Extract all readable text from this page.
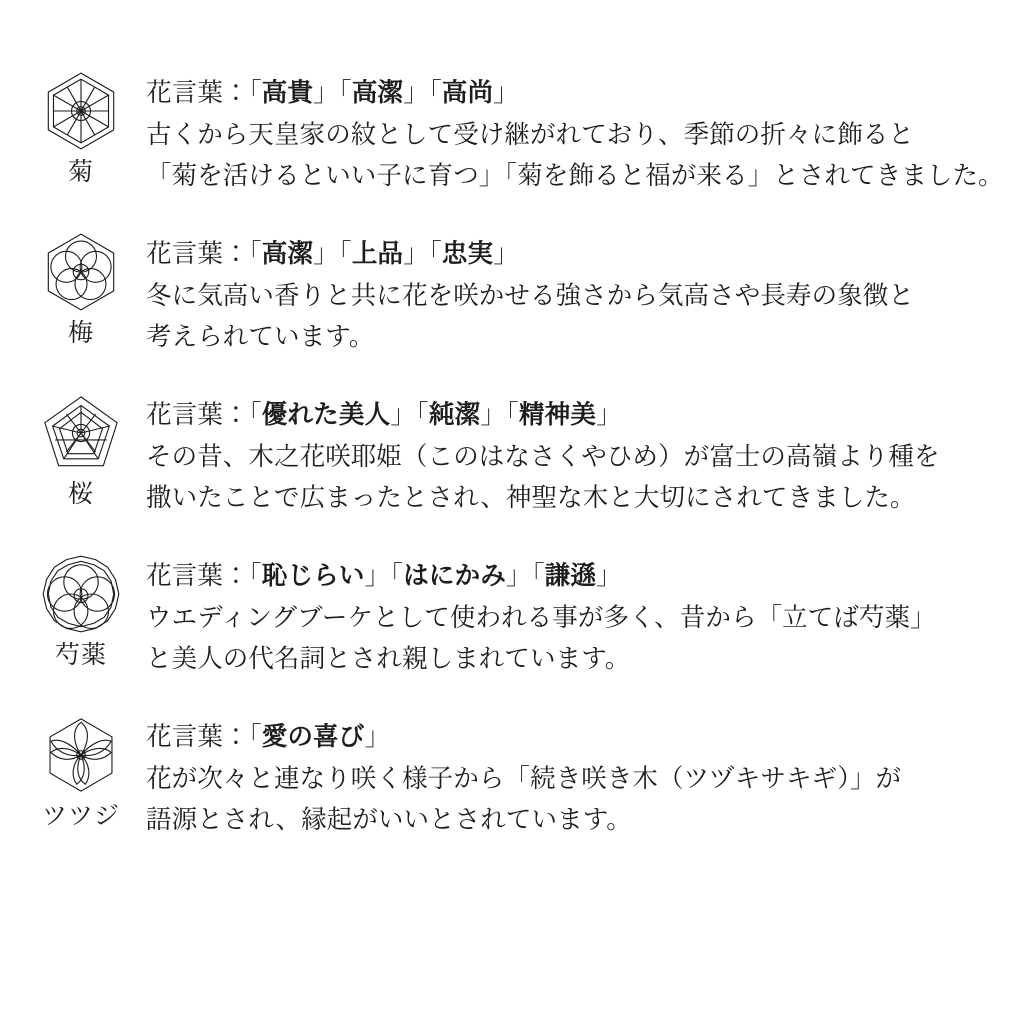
菊
花言葉：「高貴」「高潔」「高尚」
古くから天皇家の紋として受け継がれており、季節の折々に飾ると
「菊を活けるといい子に育つ」「菊を飾ると福が来る」とされてきました。
梅
花言葉：「高潔」「上品」「忠実」
冬に気高い香りと共に花を咲かせる強さから気高さや長寿の象徴と
考えられています。
桜
花言葉：「優れた美人」「純潔」「精神美」
その昔、木之花咲耶姫（このはなさくやひめ）が富士の高嶺より種を
撒いたことで広まったとされ、神聖な木と大切にされてきました。
芍薬
花言葉：「恥じらい」「はにかみ」「謙遜」
ウエディングブーケとして使われる事が多く、昔から「立てば芍薬」
と美人の代名詞とされ親しまれています。
ツツジ
花言葉：「愛の喜び」
花が次々と連なり咲く様子から「続き咲き木（ツヅキサキギ）」が
語源とされ、縁起がいいとされています。
